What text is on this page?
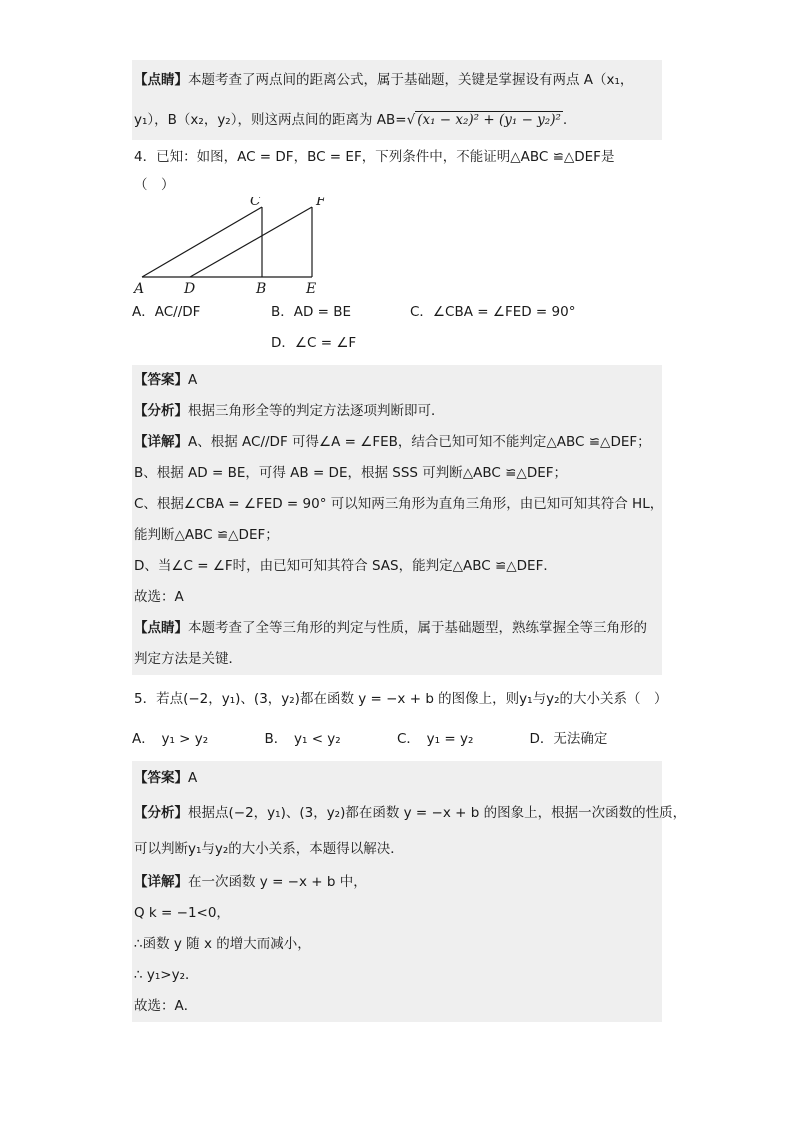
【点睛】本题考查了两点间的距离公式，属于基础题，关键是掌握设有两点 A（x₁，
y₁），B（x₂，y₂），则这两点间的距离为 AB=√ (x₁ − x₂)² + (y₁ − y₂)² .
4．已知：如图，AC = DF，BC = EF，下列条件中，不能证明△ABC ≌△DEF是
（　）
C	F
A	D	B	E
A．AC//DF	B．AD = BE	C．∠CBA = ∠FED = 90°
D．∠C = ∠F
【答案】A
【分析】根据三角形全等的判定方法逐项判断即可．
【详解】A、根据 AC//DF 可得∠A = ∠FEB，结合已知可知不能判定△ABC ≌△DEF；
B、根据 AD = BE，可得 AB = DE，根据 SSS 可判断△ABC ≌△DEF；
C、根据∠CBA = ∠FED = 90° 可以知两三角形为直角三角形，由已知可知其符合 HL，
能判断△ABC ≌△DEF；
D、当∠C = ∠F时，由已知可知其符合 SAS，能判定△ABC ≌△DEF．
故选：A
【点睛】本题考查了全等三角形的判定与性质，属于基础题型，熟练掌握全等三角形的
判定方法是关键．
5．若点(−2，y₁)、(3，y₂)都在函数 y = −x + b 的图像上，则y₁与y₂的大小关系（　）
A．　y₁ > y₂	B．　y₁ < y₂	C．　y₁ = y₂	D．无法确定
【答案】A
【分析】根据点(−2，y₁)、(3，y₂)都在函数 y = −x + b 的图象上，根据一次函数的性质，
可以判断y₁与y₂的大小关系，本题得以解决．
【详解】在一次函数 y = −x + b 中，
Q k = −1<0，
∴函数 y 随 x 的增大而减小，
∴ y₁>y₂．
故选：A．
